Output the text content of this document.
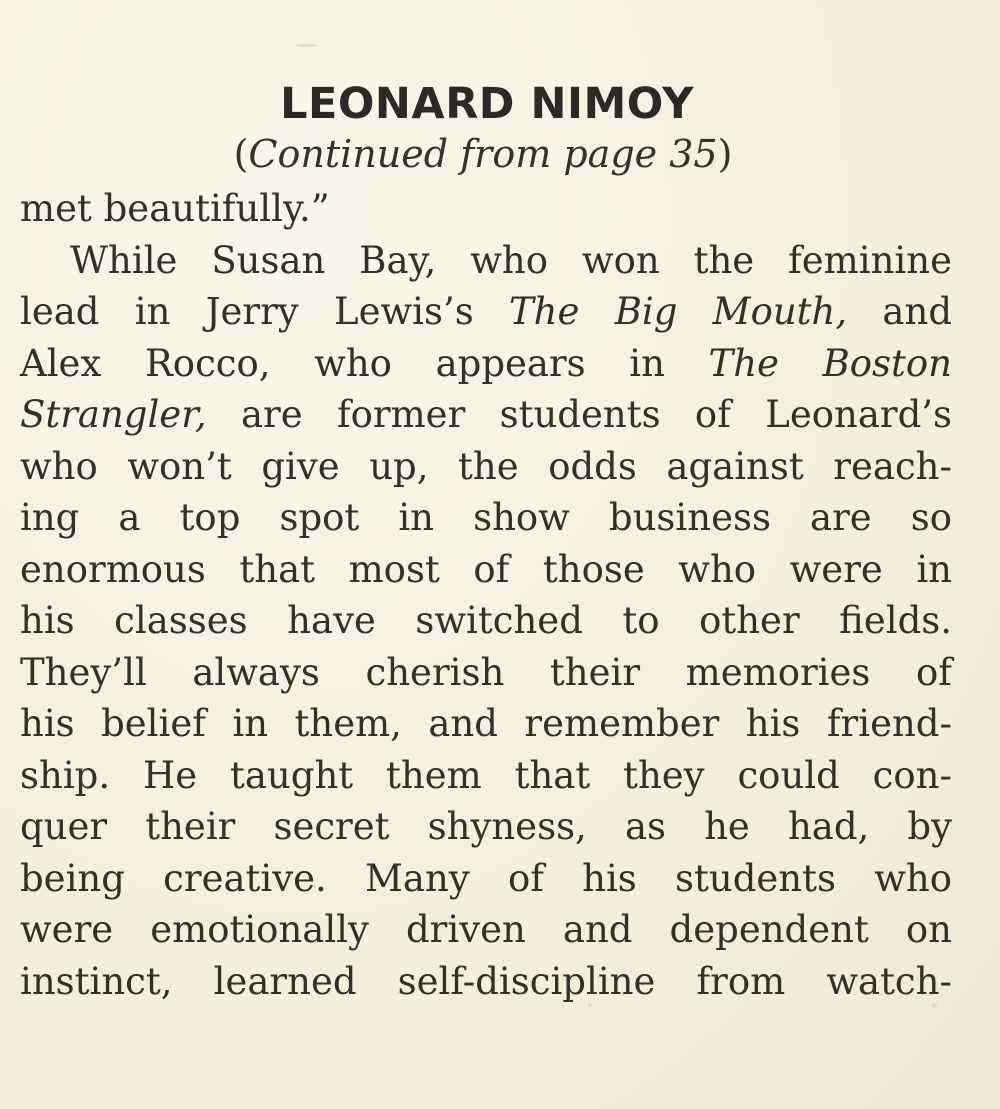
LEONARD NIMOY
(Continued from page 35)
met beautifully.”
While Susan Bay, who won the feminine
lead in Jerry Lewis’s The Big Mouth, and
Alex Rocco, who appears in The Boston
Strangler, are former students of Leonard’s
who won’t give up, the odds against reach-
ing a top spot in show business are so
enormous that most of those who were in
his classes have switched to other fields.
They’ll always cherish their memories of
his belief in them, and remember his friend-
ship. He taught them that they could con-
quer their secret shyness, as he had, by
being creative. Many of his students who
were emotionally driven and dependent on
instinct, learned self-discipline from watch-
